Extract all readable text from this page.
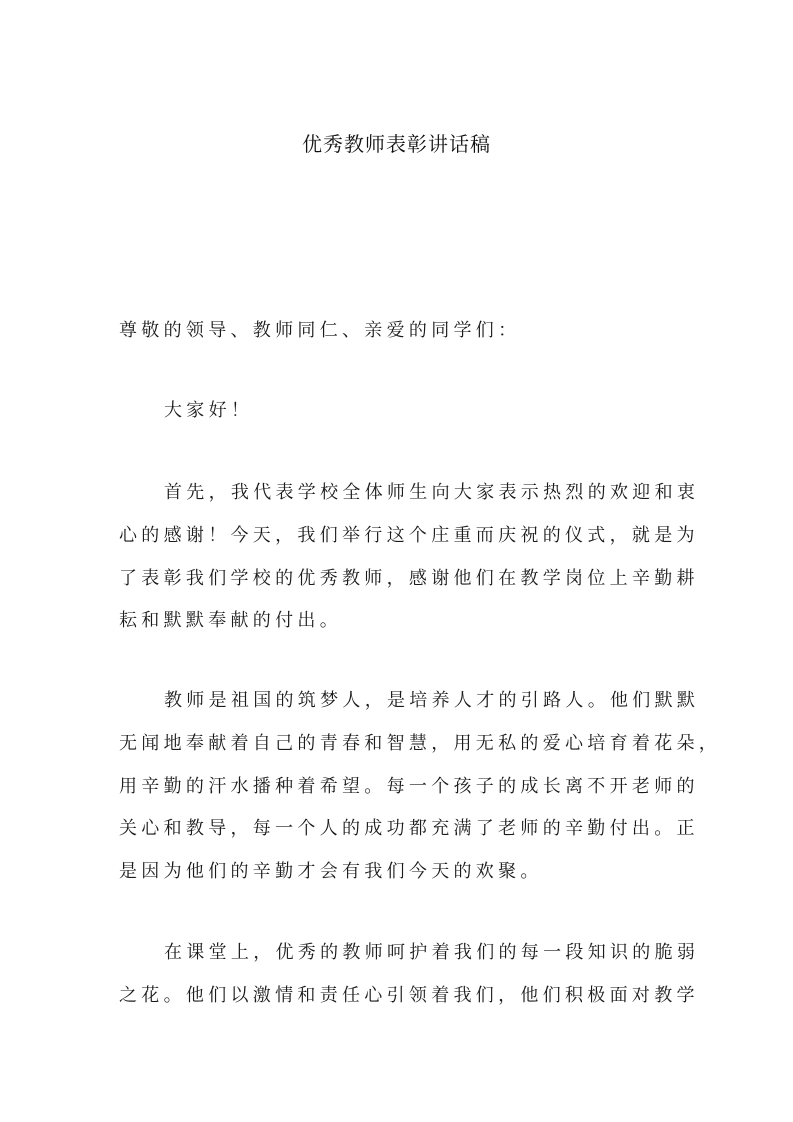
优秀教师表彰讲话稿
尊敬的领导、教师同仁、亲爱的同学们：
大家好！
首先，我代表学校全体师生向大家表示热烈的欢迎和衷
心的感谢！今天，我们举行这个庄重而庆祝的仪式，就是为
了表彰我们学校的优秀教师，感谢他们在教学岗位上辛勤耕
耘和默默奉献的付出。
教师是祖国的筑梦人，是培养人才的引路人。他们默默
无闻地奉献着自己的青春和智慧，用无私的爱心培育着花朵，
用辛勤的汗水播种着希望。每一个孩子的成长离不开老师的
关心和教导，每一个人的成功都充满了老师的辛勤付出。正
是因为他们的辛勤才会有我们今天的欢聚。
在课堂上，优秀的教师呵护着我们的每一段知识的脆弱
之花。他们以激情和责任心引领着我们，他们积极面对教学
